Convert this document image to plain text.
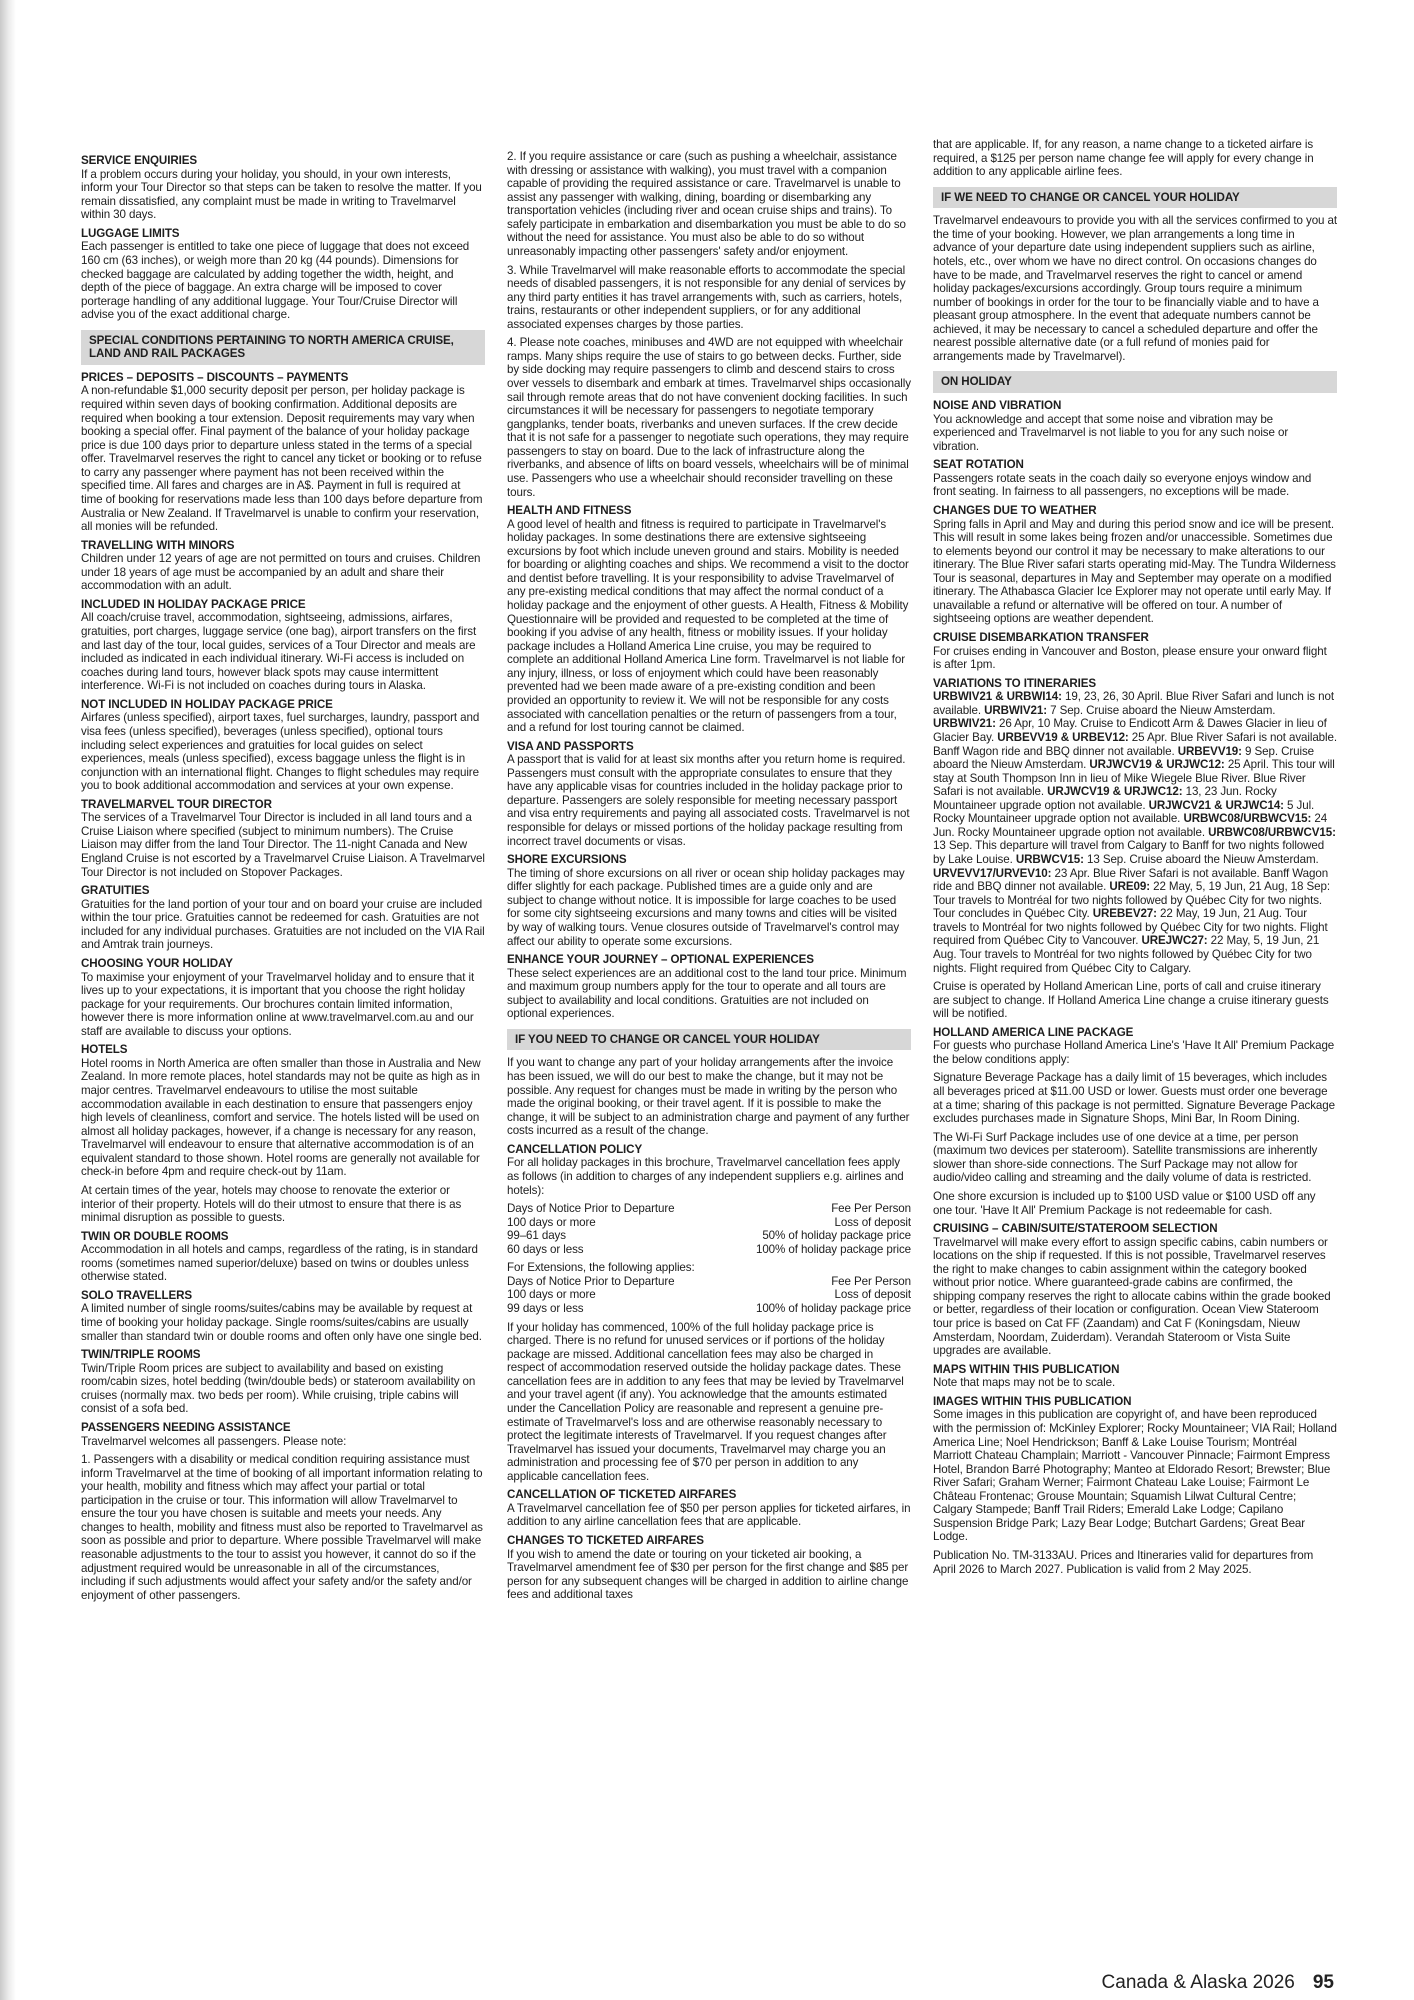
SERVICE ENQUIRIES
If a problem occurs during your holiday, you should, in your own interests, inform your Tour Director so that steps can be taken to resolve the matter. If you remain dissatisfied, any complaint must be made in writing to Travelmarvel within 30 days.
LUGGAGE LIMITS
Each passenger is entitled to take one piece of luggage that does not exceed 160 cm (63 inches), or weigh more than 20 kg (44 pounds). Dimensions for checked baggage are calculated by adding together the width, height, and depth of the piece of baggage. An extra charge will be imposed to cover porterage handling of any additional luggage. Your Tour/Cruise Director will advise you of the exact additional charge.
SPECIAL CONDITIONS PERTAINING TO NORTH AMERICA CRUISE, LAND AND RAIL PACKAGES
PRICES – DEPOSITS – DISCOUNTS – PAYMENTS
A non-refundable $1,000 security deposit per person, per holiday package is required within seven days of booking confirmation. Additional deposits are required when booking a tour extension. Deposit requirements may vary when booking a special offer. Final payment of the balance of your holiday package price is due 100 days prior to departure unless stated in the terms of a special offer. Travelmarvel reserves the right to cancel any ticket or booking or to refuse to carry any passenger where payment has not been received within the specified time. All fares and charges are in A$. Payment in full is required at time of booking for reservations made less than 100 days before departure from Australia or New Zealand. If Travelmarvel is unable to confirm your reservation, all monies will be refunded.
TRAVELLING WITH MINORS
Children under 12 years of age are not permitted on tours and cruises. Children under 18 years of age must be accompanied by an adult and share their accommodation with an adult.
INCLUDED IN HOLIDAY PACKAGE PRICE
All coach/cruise travel, accommodation, sightseeing, admissions, airfares, gratuities, port charges, luggage service (one bag), airport transfers on the first and last day of the tour, local guides, services of a Tour Director and meals are included as indicated in each individual itinerary. Wi-Fi access is included on coaches during land tours, however black spots may cause intermittent interference. Wi-Fi is not included on coaches during tours in Alaska.
NOT INCLUDED IN HOLIDAY PACKAGE PRICE
Airfares (unless specified), airport taxes, fuel surcharges, laundry, passport and visa fees (unless specified), beverages (unless specified), optional tours including select experiences and gratuities for local guides on select experiences, meals (unless specified), excess baggage unless the flight is in conjunction with an international flight. Changes to flight schedules may require you to book additional accommodation and services at your own expense.
TRAVELMARVEL TOUR DIRECTOR
The services of a Travelmarvel Tour Director is included in all land tours and a Cruise Liaison where specified (subject to minimum numbers). The Cruise Liaison may differ from the land Tour Director. The 11-night Canada and New England Cruise is not escorted by a Travelmarvel Cruise Liaison. A Travelmarvel Tour Director is not included on Stopover Packages.
GRATUITIES
Gratuities for the land portion of your tour and on board your cruise are included within the tour price. Gratuities cannot be redeemed for cash. Gratuities are not included for any individual purchases. Gratuities are not included on the VIA Rail and Amtrak train journeys.
CHOOSING YOUR HOLIDAY
To maximise your enjoyment of your Travelmarvel holiday and to ensure that it lives up to your expectations, it is important that you choose the right holiday package for your requirements. Our brochures contain limited information, however there is more information online at www.travelmarvel.com.au and our staff are available to discuss your options.
HOTELS
Hotel rooms in North America are often smaller than those in Australia and New Zealand. In more remote places, hotel standards may not be quite as high as in major centres. Travelmarvel endeavours to utilise the most suitable accommodation available in each destination to ensure that passengers enjoy high levels of cleanliness, comfort and service. The hotels listed will be used on almost all holiday packages, however, if a change is necessary for any reason, Travelmarvel will endeavour to ensure that alternative accommodation is of an equivalent standard to those shown. Hotel rooms are generally not available for check-in before 4pm and require check-out by 11am.
At certain times of the year, hotels may choose to renovate the exterior or interior of their property. Hotels will do their utmost to ensure that there is as minimal disruption as possible to guests.
TWIN OR DOUBLE ROOMS
Accommodation in all hotels and camps, regardless of the rating, is in standard rooms (sometimes named superior/deluxe) based on twins or doubles unless otherwise stated.
SOLO TRAVELLERS
A limited number of single rooms/suites/cabins may be available by request at time of booking your holiday package. Single rooms/suites/cabins are usually smaller than standard twin or double rooms and often only have one single bed.
TWIN/TRIPLE ROOMS
Twin/Triple Room prices are subject to availability and based on existing room/cabin sizes, hotel bedding (twin/double beds) or stateroom availability on cruises (normally max. two beds per room). While cruising, triple cabins will consist of a sofa bed.
PASSENGERS NEEDING ASSISTANCE
Travelmarvel welcomes all passengers. Please note:
1. Passengers with a disability or medical condition requiring assistance must inform Travelmarvel at the time of booking of all important information relating to your health, mobility and fitness which may affect your partial or total participation in the cruise or tour. This information will allow Travelmarvel to ensure the tour you have chosen is suitable and meets your needs. Any changes to health, mobility and fitness must also be reported to Travelmarvel as soon as possible and prior to departure. Where possible Travelmarvel will make reasonable adjustments to the tour to assist you however, it cannot do so if the adjustment required would be unreasonable in all of the circumstances, including if such adjustments would affect your safety and/or the safety and/or enjoyment of other passengers.
2. If you require assistance or care (such as pushing a wheelchair, assistance with dressing or assistance with walking), you must travel with a companion capable of providing the required assistance or care. Travelmarvel is unable to assist any passenger with walking, dining, boarding or disembarking any transportation vehicles (including river and ocean cruise ships and trains). To safely participate in embarkation and disembarkation you must be able to do so without the need for assistance. You must also be able to do so without unreasonably impacting other passengers' safety and/or enjoyment.
3. While Travelmarvel will make reasonable efforts to accommodate the special needs of disabled passengers, it is not responsible for any denial of services by any third party entities it has travel arrangements with, such as carriers, hotels, trains, restaurants or other independent suppliers, or for any additional associated expenses charges by those parties.
4. Please note coaches, minibuses and 4WD are not equipped with wheelchair ramps. Many ships require the use of stairs to go between decks. Further, side by side docking may require passengers to climb and descend stairs to cross over vessels to disembark and embark at times. Travelmarvel ships occasionally sail through remote areas that do not have convenient docking facilities. In such circumstances it will be necessary for passengers to negotiate temporary gangplanks, tender boats, riverbanks and uneven surfaces. If the crew decide that it is not safe for a passenger to negotiate such operations, they may require passengers to stay on board. Due to the lack of infrastructure along the riverbanks, and absence of lifts on board vessels, wheelchairs will be of minimal use. Passengers who use a wheelchair should reconsider travelling on these tours.
HEALTH AND FITNESS
A good level of health and fitness is required to participate in Travelmarvel's holiday packages. In some destinations there are extensive sightseeing excursions by foot which include uneven ground and stairs. Mobility is needed for boarding or alighting coaches and ships. We recommend a visit to the doctor and dentist before travelling. It is your responsibility to advise Travelmarvel of any pre-existing medical conditions that may affect the normal conduct of a holiday package and the enjoyment of other guests. A Health, Fitness & Mobility Questionnaire will be provided and requested to be completed at the time of booking if you advise of any health, fitness or mobility issues. If your holiday package includes a Holland America Line cruise, you may be required to complete an additional Holland America Line form. Travelmarvel is not liable for any injury, illness, or loss of enjoyment which could have been reasonably prevented had we been made aware of a pre-existing condition and been provided an opportunity to review it. We will not be responsible for any costs associated with cancellation penalties or the return of passengers from a tour, and a refund for lost touring cannot be claimed.
VISA AND PASSPORTS
A passport that is valid for at least six months after you return home is required. Passengers must consult with the appropriate consulates to ensure that they have any applicable visas for countries included in the holiday package prior to departure. Passengers are solely responsible for meeting necessary passport and visa entry requirements and paying all associated costs. Travelmarvel is not responsible for delays or missed portions of the holiday package resulting from incorrect travel documents or visas.
SHORE EXCURSIONS
The timing of shore excursions on all river or ocean ship holiday packages may differ slightly for each package. Published times are a guide only and are subject to change without notice. It is impossible for large coaches to be used for some city sightseeing excursions and many towns and cities will be visited by way of walking tours. Venue closures outside of Travelmarvel's control may affect our ability to operate some excursions.
ENHANCE YOUR JOURNEY – OPTIONAL EXPERIENCES
These select experiences are an additional cost to the land tour price. Minimum and maximum group numbers apply for the tour to operate and all tours are subject to availability and local conditions. Gratuities are not included on optional experiences.
IF YOU NEED TO CHANGE OR CANCEL YOUR HOLIDAY
If you want to change any part of your holiday arrangements after the invoice has been issued, we will do our best to make the change, but it may not be possible. Any request for changes must be made in writing by the person who made the original booking, or their travel agent. If it is possible to make the change, it will be subject to an administration charge and payment of any further costs incurred as a result of the change.
CANCELLATION POLICY
For all holiday packages in this brochure, Travelmarvel cancellation fees apply as follows (in addition to charges of any independent suppliers e.g. airlines and hotels):
Days of Notice Prior to Departure	Fee Per Person
100 days or more	Loss of deposit
99–61 days	50% of holiday package price
60 days or less	100% of holiday package price
For Extensions, the following applies:
Days of Notice Prior to Departure	Fee Per Person
100 days or more	Loss of deposit
99 days or less	100% of holiday package price
If your holiday has commenced, 100% of the full holiday package price is charged. There is no refund for unused services or if portions of the holiday package are missed. Additional cancellation fees may also be charged in respect of accommodation reserved outside the holiday package dates. These cancellation fees are in addition to any fees that may be levied by Travelmarvel and your travel agent (if any). You acknowledge that the amounts estimated under the Cancellation Policy are reasonable and represent a genuine pre-estimate of Travelmarvel's loss and are otherwise reasonably necessary to protect the legitimate interests of Travelmarvel. If you request changes after Travelmarvel has issued your documents, Travelmarvel may charge you an administration and processing fee of $70 per person in addition to any applicable cancellation fees.
CANCELLATION OF TICKETED AIRFARES
A Travelmarvel cancellation fee of $50 per person applies for ticketed airfares, in addition to any airline cancellation fees that are applicable.
CHANGES TO TICKETED AIRFARES
If you wish to amend the date or touring on your ticketed air booking, a Travelmarvel amendment fee of $30 per person for the first change and $85 per person for any subsequent changes will be charged in addition to airline change fees and additional taxes
that are applicable. If, for any reason, a name change to a ticketed airfare is required, a $125 per person name change fee will apply for every change in addition to any applicable airline fees.
IF WE NEED TO CHANGE OR CANCEL YOUR HOLIDAY
Travelmarvel endeavours to provide you with all the services confirmed to you at the time of your booking. However, we plan arrangements a long time in advance of your departure date using independent suppliers such as airline, hotels, etc., over whom we have no direct control. On occasions changes do have to be made, and Travelmarvel reserves the right to cancel or amend holiday packages/excursions accordingly. Group tours require a minimum number of bookings in order for the tour to be financially viable and to have a pleasant group atmosphere. In the event that adequate numbers cannot be achieved, it may be necessary to cancel a scheduled departure and offer the nearest possible alternative date (or a full refund of monies paid for arrangements made by Travelmarvel).
ON HOLIDAY
NOISE AND VIBRATION
You acknowledge and accept that some noise and vibration may be experienced and Travelmarvel is not liable to you for any such noise or vibration.
SEAT ROTATION
Passengers rotate seats in the coach daily so everyone enjoys window and front seating. In fairness to all passengers, no exceptions will be made.
CHANGES DUE TO WEATHER
Spring falls in April and May and during this period snow and ice will be present. This will result in some lakes being frozen and/or unaccessible. Sometimes due to elements beyond our control it may be necessary to make alterations to our itinerary. The Blue River safari starts operating mid-May. The Tundra Wilderness Tour is seasonal, departures in May and September may operate on a modified itinerary. The Athabasca Glacier Ice Explorer may not operate until early May. If unavailable a refund or alternative will be offered on tour. A number of sightseeing options are weather dependent.
CRUISE DISEMBARKATION TRANSFER
For cruises ending in Vancouver and Boston, please ensure your onward flight is after 1pm.
VARIATIONS TO ITINERARIES
URBWIV21 & URBWI14: 19, 23, 26, 30 April. Blue River Safari and lunch is not available. URBWIV21: 7 Sep. Cruise aboard the Nieuw Amsterdam. URBWIV21: 26 Apr, 10 May. Cruise to Endicott Arm & Dawes Glacier in lieu of Glacier Bay. URBEVV19 & URBEV12: 25 Apr. Blue River Safari is not available. Banff Wagon ride and BBQ dinner not available. URBEVV19: 9 Sep. Cruise aboard the Nieuw Amsterdam. URJWCV19 & URJWC12: 25 April. This tour will stay at South Thompson Inn in lieu of Mike Wiegele Blue River. Blue River Safari is not available. URJWCV19 & URJWC12: 13, 23 Jun. Rocky Mountaineer upgrade option not available. URJWCV21 & URJWC14: 5 Jul. Rocky Mountaineer upgrade option not available. URBWC08/URBWCV15: 24 Jun. Rocky Mountaineer upgrade option not available. URBWC08/URBWCV15: 13 Sep. This departure will travel from Calgary to Banff for two nights followed by Lake Louise. URBWCV15: 13 Sep. Cruise aboard the Nieuw Amsterdam. URVEVV17/URVEV10: 23 Apr. Blue River Safari is not available. Banff Wagon ride and BBQ dinner not available. URE09: 22 May, 5, 19 Jun, 21 Aug, 18 Sep: Tour travels to Montréal for two nights followed by Québec City for two nights. Tour concludes in Québec City. UREBEV27: 22 May, 19 Jun, 21 Aug. Tour travels to Montréal for two nights followed by Québec City for two nights. Flight required from Québec City to Vancouver. UREJWC27: 22 May, 5, 19 Jun, 21 Aug. Tour travels to Montréal for two nights followed by Québec City for two nights. Flight required from Québec City to Calgary.
Cruise is operated by Holland American Line, ports of call and cruise itinerary are subject to change. If Holland America Line change a cruise itinerary guests will be notified.
HOLLAND AMERICA LINE PACKAGE
For guests who purchase Holland America Line's 'Have It All' Premium Package the below conditions apply:
Signature Beverage Package has a daily limit of 15 beverages, which includes all beverages priced at $11.00 USD or lower. Guests must order one beverage at a time; sharing of this package is not permitted. Signature Beverage Package excludes purchases made in Signature Shops, Mini Bar, In Room Dining.
The Wi-Fi Surf Package includes use of one device at a time, per person (maximum two devices per stateroom). Satellite transmissions are inherently slower than shore-side connections. The Surf Package may not allow for audio/video calling and streaming and the daily volume of data is restricted.
One shore excursion is included up to $100 USD value or $100 USD off any one tour. 'Have It All' Premium Package is not redeemable for cash.
CRUISING – CABIN/SUITE/STATEROOM SELECTION
Travelmarvel will make every effort to assign specific cabins, cabin numbers or locations on the ship if requested. If this is not possible, Travelmarvel reserves the right to make changes to cabin assignment within the category booked without prior notice. Where guaranteed-grade cabins are confirmed, the shipping company reserves the right to allocate cabins within the grade booked or better, regardless of their location or configuration. Ocean View Stateroom tour price is based on Cat FF (Zaandam) and Cat F (Koningsdam, Nieuw Amsterdam, Noordam, Zuiderdam). Verandah Stateroom or Vista Suite upgrades are available.
MAPS WITHIN THIS PUBLICATION
Note that maps may not be to scale.
IMAGES WITHIN THIS PUBLICATION
Some images in this publication are copyright of, and have been reproduced with the permission of: McKinley Explorer; Rocky Mountaineer; VIA Rail; Holland America Line; Noel Hendrickson; Banff & Lake Louise Tourism; Montréal Marriott Chateau Champlain; Marriott - Vancouver Pinnacle; Fairmont Empress Hotel, Brandon Barré Photography; Manteo at Eldorado Resort; Brewster; Blue River Safari; Graham Werner; Fairmont Chateau Lake Louise; Fairmont Le Château Frontenac; Grouse Mountain; Squamish Lilwat Cultural Centre; Calgary Stampede; Banff Trail Riders; Emerald Lake Lodge; Capilano Suspension Bridge Park; Lazy Bear Lodge; Butchart Gardens; Great Bear Lodge.
Publication No. TM-3133AU. Prices and Itineraries valid for departures from April 2026 to March 2027. Publication is valid from 2 May 2025.
Canada & Alaska 2026 95
